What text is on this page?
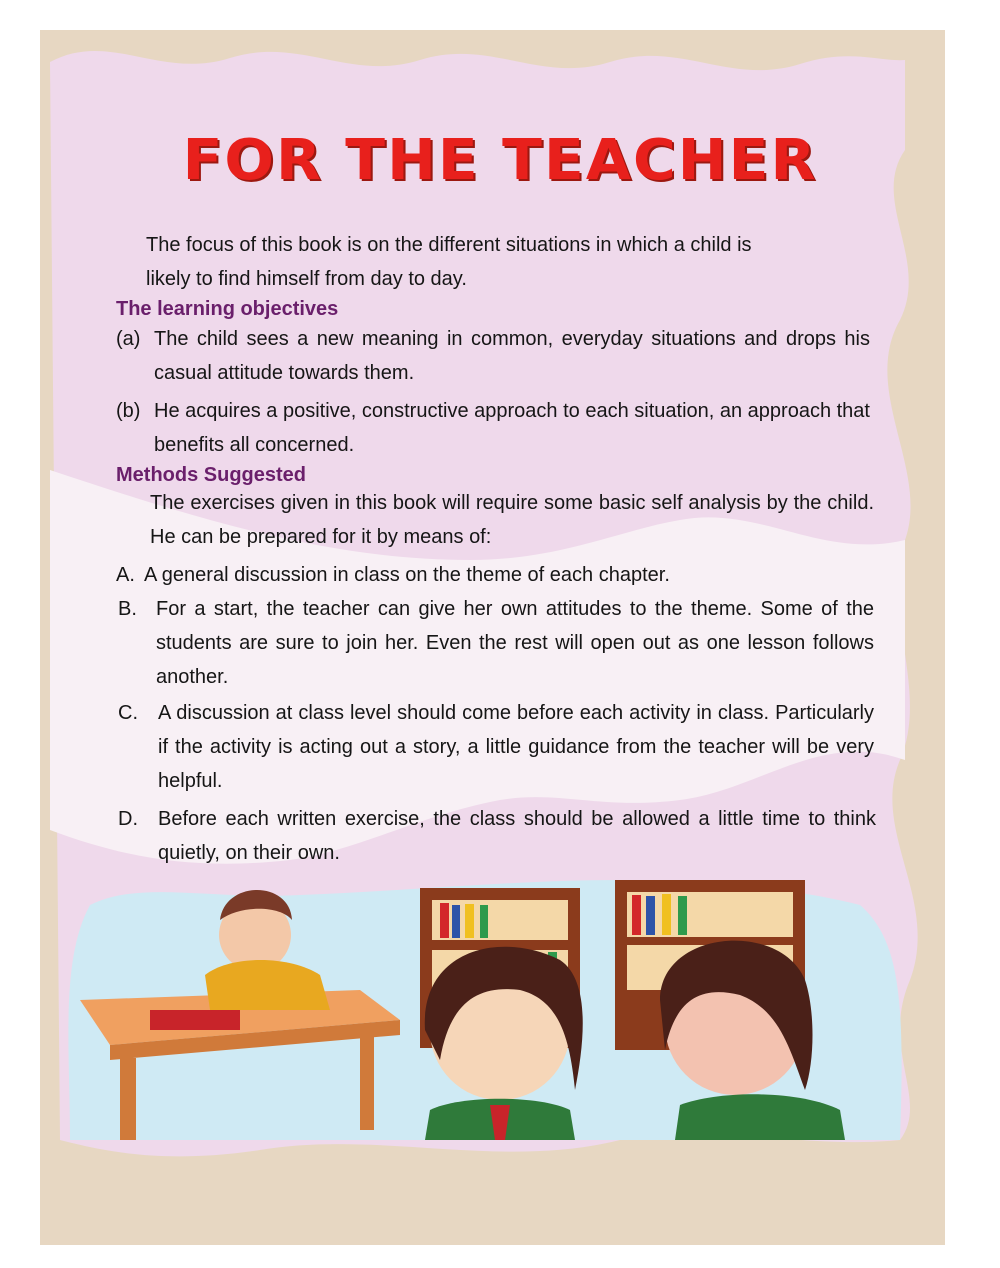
FOR THE TEACHER
The focus of this book is on the different situations in which a child is
likely to find himself from day to day.
The learning objectives
(a) The child sees a new meaning in common, everyday situations and drops his casual attitude towards them.
(b) He acquires a positive, constructive approach to each situation, an approach that benefits all concerned.
Methods Suggested
The exercises given in this book will require some basic self analysis by the child. He can be prepared for it by means of:
A. A general discussion in class on the theme of each chapter.
B. For a start, the teacher can give her own attitudes to the theme. Some of the students are sure to join her. Even the rest will open out as one lesson follows another.
C. A discussion at class level should come before each activity in class. Particularly if the activity is acting out a story, a little guidance from the teacher will be very helpful.
D. Before each written exercise, the class should be allowed a little time to think quietly, on their own.
